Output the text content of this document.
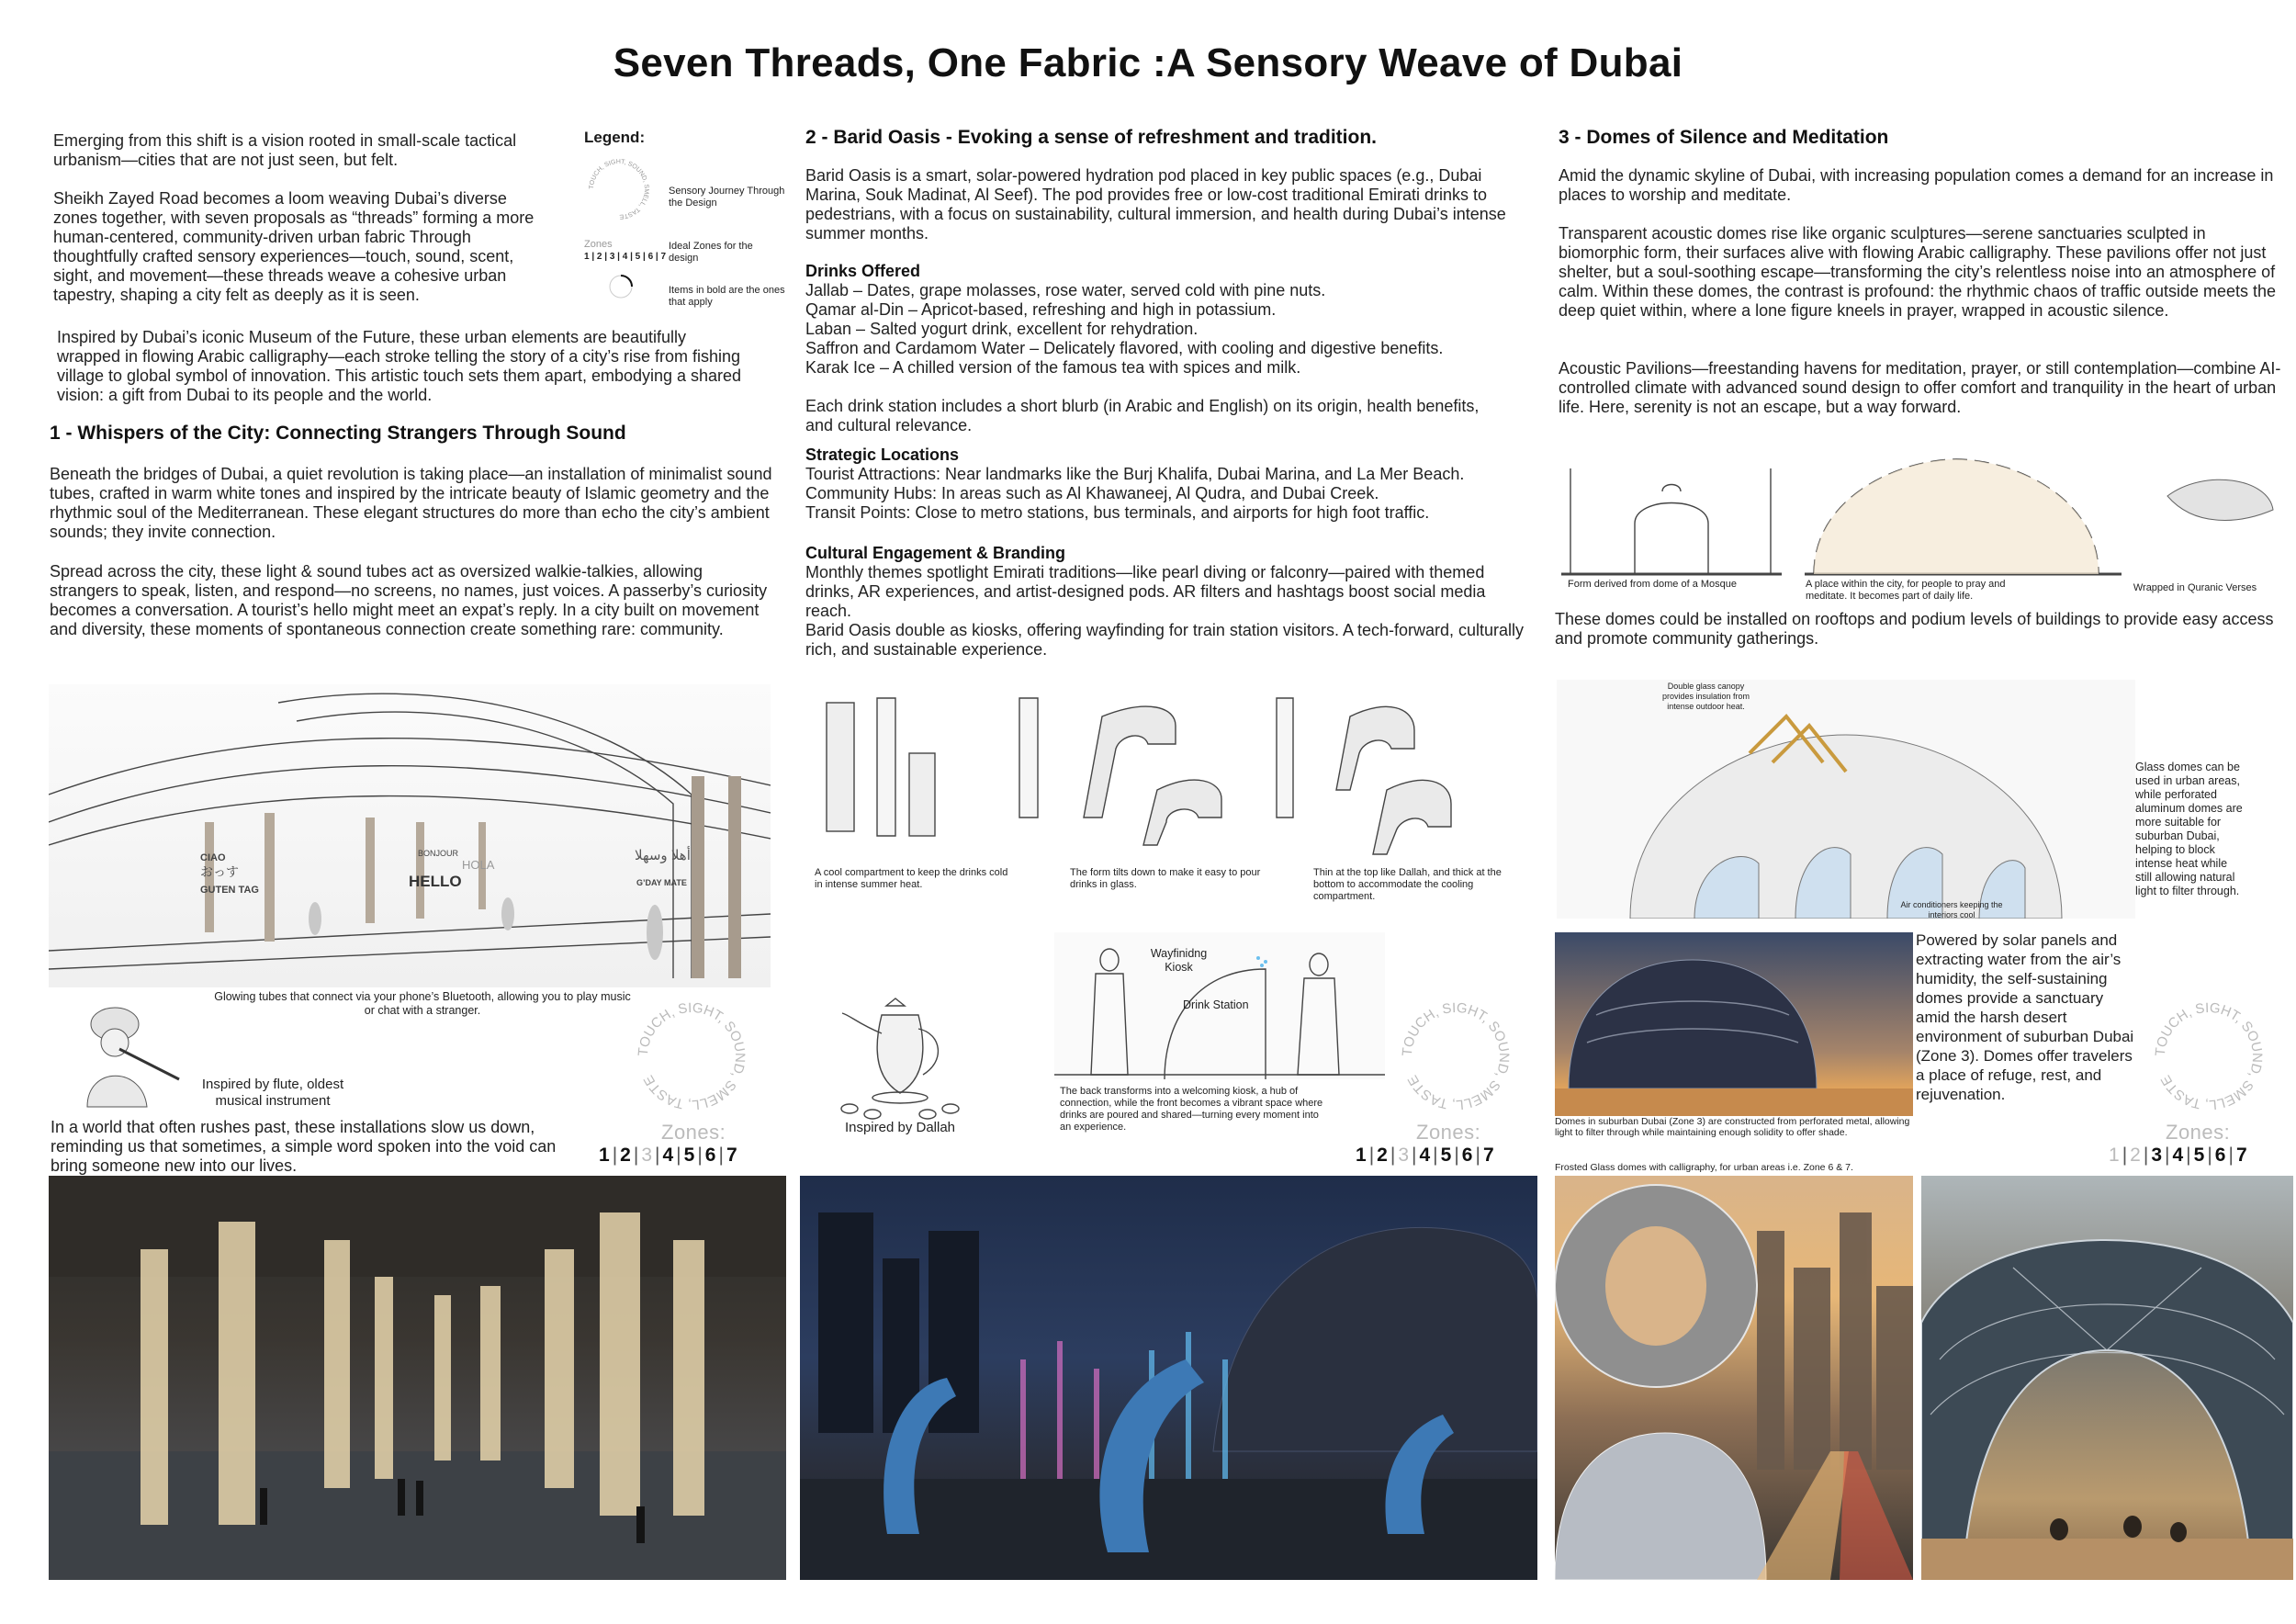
Seven Threads, One Fabric :A Sensory Weave of Dubai
Emerging from this shift is a vision rooted in small-scale tactical urbanism—cities that are not just seen, but felt.
Sheikh Zayed Road becomes a loom weaving Dubai’s diverse zones together, with seven proposals as “threads” forming a more human-centered, community-driven urban fabric Through thoughtfully crafted sensory experiences—touch, sound, scent, sight, and movement—these threads weave a cohesive urban tapestry, shaping a city felt as deeply as it is seen.
Inspired by Dubai’s iconic Museum of the Future, these urban elements are beautifully wrapped in flowing Arabic calligraphy—each stroke telling the story of a city’s rise from fishing village to global symbol of innovation. This artistic touch sets them apart, embodying a shared vision: a gift from Dubai to its people and the world.
Legend:
TOUCH, SIGHT, SOUND, SMELL, TASTE
Sensory Journey Through the Design
Zones
1 | 2 | 3 | 4 | 5 | 6 | 7
Ideal Zones for the design
Items in bold are the ones that apply
1 - Whispers of the City: Connecting Strangers Through Sound
Beneath the bridges of Dubai, a quiet revolution is taking place—an installation of minimalist sound tubes, crafted in warm white tones and inspired by the intricate beauty of Islamic geometry and the rhythmic soul of the Mediterranean. These elegant structures do more than echo the city’s ambient sounds; they invite connection.
Spread across the city, these light & sound tubes act as oversized walkie-talkies, allowing strangers to speak, listen, and respond—no screens, no names, just voices. A passerby’s curiosity becomes a conversation. A tourist’s hello might meet an expat’s reply. In a city built on movement and diversity, these moments of spontaneous connection create something rare: community.
CIAO
おっす
GUTEN TAG
BONJOUR
HOLA
HELLO
أهلا وسهلا
G’DAY MATE
Glowing tubes that connect via your phone’s Bluetooth, allowing you to play music or chat with a stranger.
Inspired by flute, oldest musical instrument
TOUCH, SIGHT, SOUND, SMELL, TASTE
In a world that often rushes past, these installations slow us down, reminding us that sometimes, a simple word spoken into the void can bring someone new into our lives.
Zones:
1 | 2 | 3 | 4 | 5 | 6 | 7
2 - Barid Oasis - Evoking a sense of refreshment and tradition.
Barid Oasis is a smart, solar-powered hydration pod placed in key public spaces (e.g., Dubai Marina, Souk Madinat, Al Seef). The pod provides free or low-cost traditional Emirati drinks to pedestrians, with a focus on sustainability, cultural immersion, and health during Dubai’s intense summer months.
Drinks Offered
Jallab – Dates, grape molasses, rose water, served cold with pine nuts.
Qamar al-Din – Apricot-based, refreshing and high in potassium.
Laban – Salted yogurt drink, excellent for rehydration.
Saffron and Cardamom Water – Delicately flavored, with cooling and digestive benefits.
Karak Ice – A chilled version of the famous tea with spices and milk.
Each drink station includes a short blurb (in Arabic and English) on its origin, health benefits, and cultural relevance.
Strategic Locations
Tourist Attractions: Near landmarks like the Burj Khalifa, Dubai Marina, and La Mer Beach.
Community Hubs: In areas such as Al Khawaneej, Al Qudra, and Dubai Creek.
Transit Points: Close to metro stations, bus terminals, and airports for high foot traffic.
Cultural Engagement & Branding
Monthly themes spotlight Emirati traditions—like pearl diving or falconry—paired with themed drinks, AR experiences, and artist-designed pods. AR filters and hashtags boost social media reach.
Barid Oasis double as kiosks, offering wayfinding for train station visitors. A tech-forward, culturally rich, and sustainable experience.
A cool compartment to keep the drinks cold in intense summer heat.
The form tilts down to make it easy to pour drinks in glass.
Thin at the top like Dallah, and thick at the bottom to accommodate the cooling compartment.
Inspired by Dallah
Wayfinidng Kiosk
Drink Station
The back transforms into a welcoming kiosk, a hub of connection, while the front becomes a vibrant space where drinks are poured and shared—turning every moment into an experience.
TOUCH, SIGHT, SOUND, SMELL, TASTE
Zones:
1 | 2 | 3 | 4 | 5 | 6 | 7
3 - Domes of Silence and Meditation
Amid the dynamic skyline of Dubai, with increasing population comes a demand for an increase in places to worship and meditate.
Transparent acoustic domes rise like organic sculptures—serene sanctuaries sculpted in biomorphic form, their surfaces alive with flowing Arabic calligraphy. These pavilions offer not just shelter, but a soul-soothing escape—transforming the city’s relentless noise into an atmosphere of calm. Within these domes, the contrast is profound: the rhythmic chaos of traffic outside meets the deep quiet within, where a lone figure kneels in prayer, wrapped in acoustic silence.
Acoustic Pavilions—freestanding havens for meditation, prayer, or still contemplation—combine AI-controlled climate with advanced sound design to offer comfort and tranquility in the heart of urban life. Here, serenity is not an escape, but a way forward.
Form derived from dome of a Mosque	A place within the city, for people to pray and meditate. It becomes part of daily life.
Wrapped in Quranic Verses
These domes could be installed on rooftops and podium levels of buildings to provide easy access and promote community gatherings.
Double glass canopy provides insulation from intense outdoor heat.
Air conditioners keeping the interiors cool
Glass domes can be used in urban areas, while perforated aluminum domes are more suitable for suburban Dubai, helping to block intense heat while still allowing natural light to filter through.
Powered by solar panels and extracting water from the air’s humidity, the self-sustaining domes provide a sanctuary amid the harsh desert environment of suburban Dubai (Zone 3). Domes offer travelers a place of refuge, rest, and rejuvenation.
Domes in suburban Dubai (Zone 3) are constructed from perforated metal, allowing light to filter through while maintaining enough solidity to offer shade.
Frosted Glass domes with calligraphy, for urban areas i.e. Zone 6 & 7.
TOUCH, SIGHT, SOUND, SMELL, TASTE
Zones:
1 | 2 | 3 | 4 | 5 | 6 | 7
